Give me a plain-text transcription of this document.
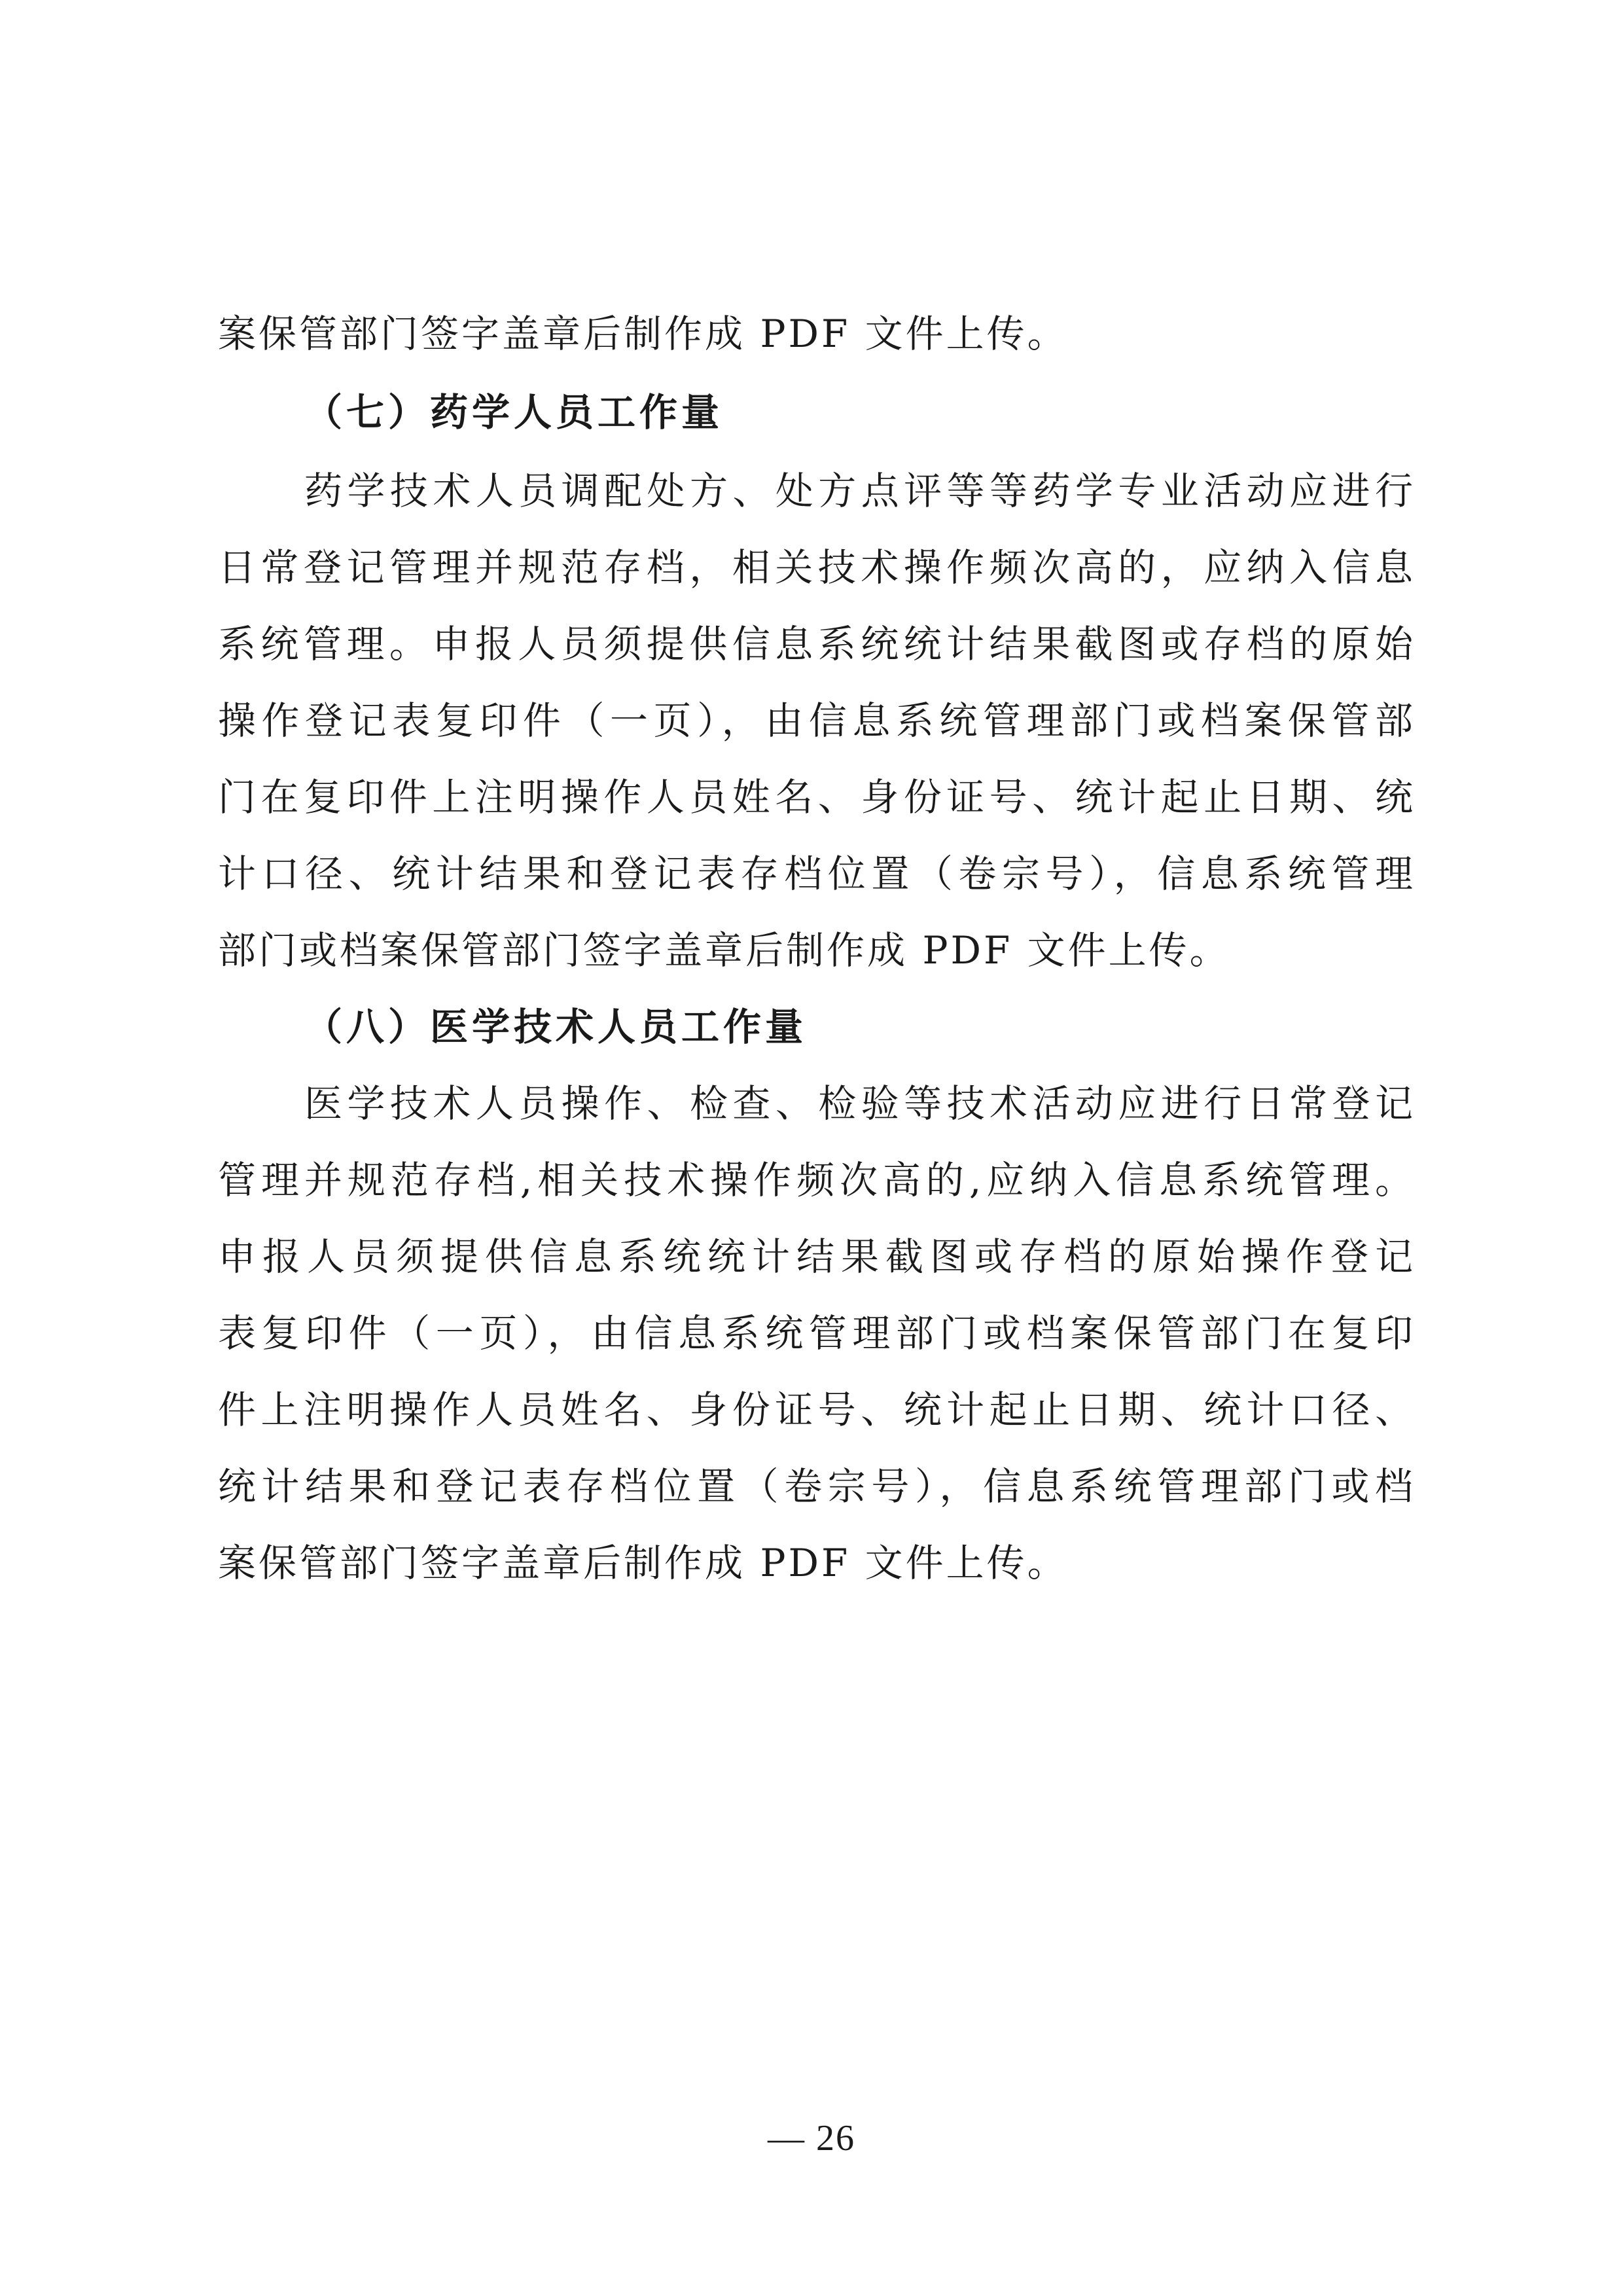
案保管部门签字盖章后制作成 PDF 文件上传。
（七）药学人员工作量
药学技术人员调配处方、处方点评等等药学专业活动应进行
日常登记管理并规范存档，相关技术操作频次高的，应纳入信息
系统管理。申报人员须提供信息系统统计结果截图或存档的原始
操作登记表复印件（一页），由信息系统管理部门或档案保管部
门在复印件上注明操作人员姓名、身份证号、统计起止日期、统
计口径、统计结果和登记表存档位置（卷宗号），信息系统管理
部门或档案保管部门签字盖章后制作成 PDF 文件上传。
（八）医学技术人员工作量
医学技术人员操作、检查、检验等技术活动应进行日常登记
管理并规范存档,相关技术操作频次高的,应纳入信息系统管理。
申报人员须提供信息系统统计结果截图或存档的原始操作登记
表复印件（一页），由信息系统管理部门或档案保管部门在复印
件上注明操作人员姓名、身份证号、统计起止日期、统计口径、
统计结果和登记表存档位置（卷宗号），信息系统管理部门或档
案保管部门签字盖章后制作成 PDF 文件上传。
— 26
